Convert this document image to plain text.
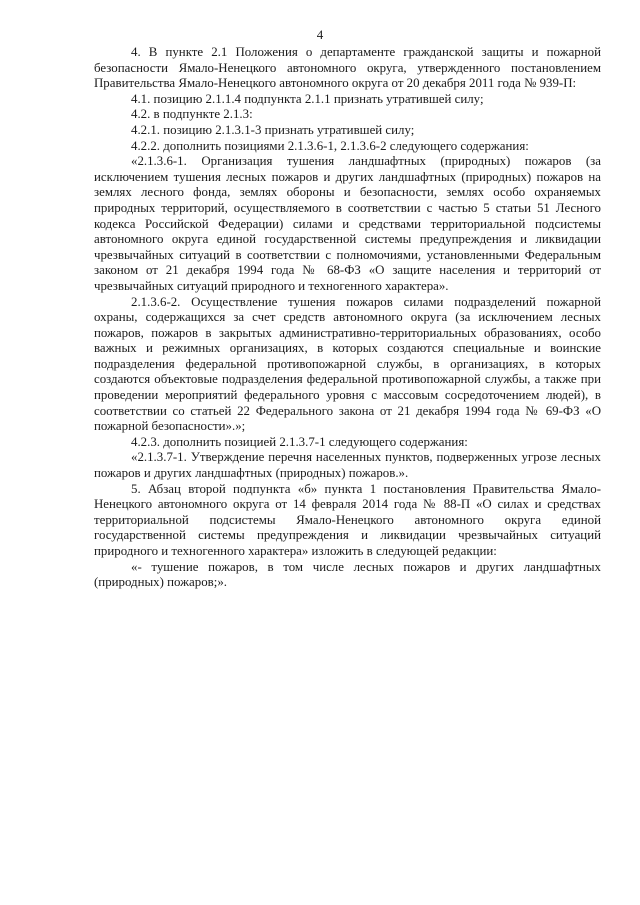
4

4. В пункте 2.1 Положения о департаменте гражданской защиты и пожарной безопасности Ямало-Ненецкого автономного округа, утвержденного постановлением Правительства Ямало-Ненецкого автономного округа от 20 декабря 2011 года № 939-П:

4.1. позицию 2.1.1.4 подпункта 2.1.1 признать утратившей силу;

4.2. в подпункте 2.1.3:

4.2.1. позицию 2.1.3.1-3 признать утратившей силу;

4.2.2. дополнить позициями 2.1.3.6-1, 2.1.3.6-2 следующего содержания:

«2.1.3.6-1. Организация тушения ландшафтных (природных) пожаров (за исключением тушения лесных пожаров и других ландшафтных (природных) пожаров на землях лесного фонда, землях обороны и безопасности, землях особо охраняемых природных территорий, осуществляемого в соответствии с частью 5 статьи 51 Лесного кодекса Российской Федерации) силами и средствами территориальной подсистемы автономного округа единой государственной системы предупреждения и ликвидации чрезвычайных ситуаций в соответствии с полномочиями, установленными Федеральным законом от 21 декабря 1994 года № 68-ФЗ «О защите населения и территорий от чрезвычайных ситуаций природного и техногенного характера».

2.1.3.6-2. Осуществление тушения пожаров силами подразделений пожарной охраны, содержащихся за счет средств автономного округа (за исключением лесных пожаров, пожаров в закрытых административно-территориальных образованиях, особо важных и режимных организациях, в которых создаются специальные и воинские подразделения федеральной противопожарной службы, в организациях, в которых создаются объектовые подразделения федеральной противопожарной службы, а также при проведении мероприятий федерального уровня с массовым сосредоточением людей), в соответствии со статьей 22 Федерального закона от 21 декабря 1994 года № 69-ФЗ «О пожарной безопасности».»;

4.2.3. дополнить позицией 2.1.3.7-1 следующего содержания:

«2.1.3.7-1. Утверждение перечня населенных пунктов, подверженных угрозе лесных пожаров и других ландшафтных (природных) пожаров.».

5. Абзац второй подпункта «б» пункта 1 постановления Правительства Ямало-Ненецкого автономного округа от 14 февраля 2014 года № 88-П «О силах и средствах территориальной подсистемы Ямало-Ненецкого автономного округа единой государственной системы предупреждения и ликвидации чрезвычайных ситуаций природного и техногенного характера» изложить в следующей редакции:

«- тушение пожаров, в том числе лесных пожаров и других ландшафтных (природных) пожаров;».
